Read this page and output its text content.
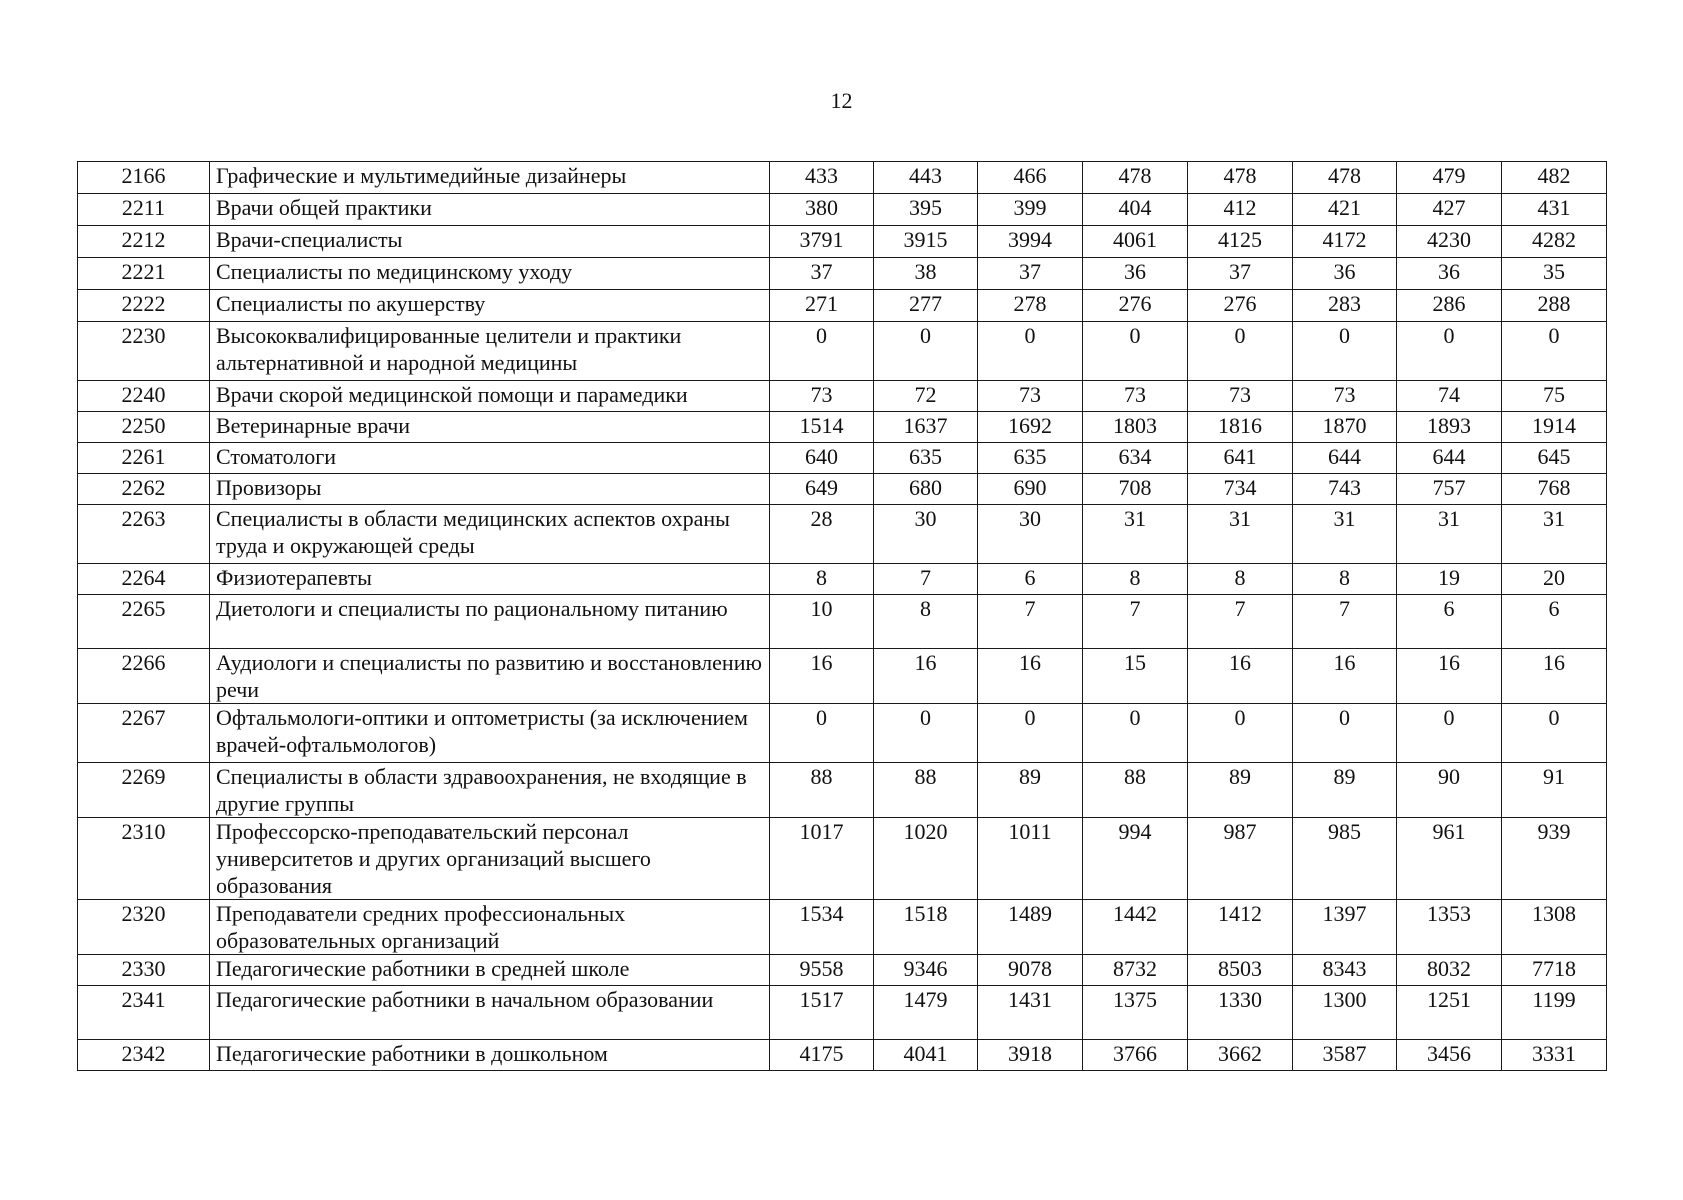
12
2166	Графические и мультимедийные дизайнеры	433	443	466	478	478	478	479	482
2211	Врачи общей практики	380	395	399	404	412	421	427	431
2212	Врачи-специалисты	3791	3915	3994	4061	4125	4172	4230	4282
2221	Специалисты по медицинскому уходу	37	38	37	36	37	36	36	35
2222	Специалисты по акушерству	271	277	278	276	276	283	286	288
2230	Высококвалифицированные целители и практики альтернативной и народной медицины	0	0	0	0	0	0	0	0
2240	Врачи скорой медицинской помощи и парамедики	73	72	73	73	73	73	74	75
2250	Ветеринарные врачи	1514	1637	1692	1803	1816	1870	1893	1914
2261	Стоматологи	640	635	635	634	641	644	644	645
2262	Провизоры	649	680	690	708	734	743	757	768
2263	Специалисты в области медицинских аспектов охраны труда и окружающей среды	28	30	30	31	31	31	31	31
2264	Физиотерапевты	8	7	6	8	8	8	19	20
2265	Диетологи и специалисты по рациональному питанию	10	8	7	7	7	7	6	6
2266	Аудиологи и специалисты по развитию и восстановлению речи	16	16	16	15	16	16	16	16
2267	Офтальмологи-оптики и оптометристы (за исключением врачей-офтальмологов)	0	0	0	0	0	0	0	0
2269	Специалисты в области здравоохранения, не входящие в другие группы	88	88	89	88	89	89	90	91
2310	Профессорско-преподавательский персонал университетов и других организаций высшего образования	1017	1020	1011	994	987	985	961	939
2320	Преподаватели средних профессиональных образовательных организаций	1534	1518	1489	1442	1412	1397	1353	1308
2330	Педагогические работники в средней школе	9558	9346	9078	8732	8503	8343	8032	7718
2341	Педагогические работники в начальном образовании	1517	1479	1431	1375	1330	1300	1251	1199
2342	Педагогические работники в дошкольном	4175	4041	3918	3766	3662	3587	3456	3331
